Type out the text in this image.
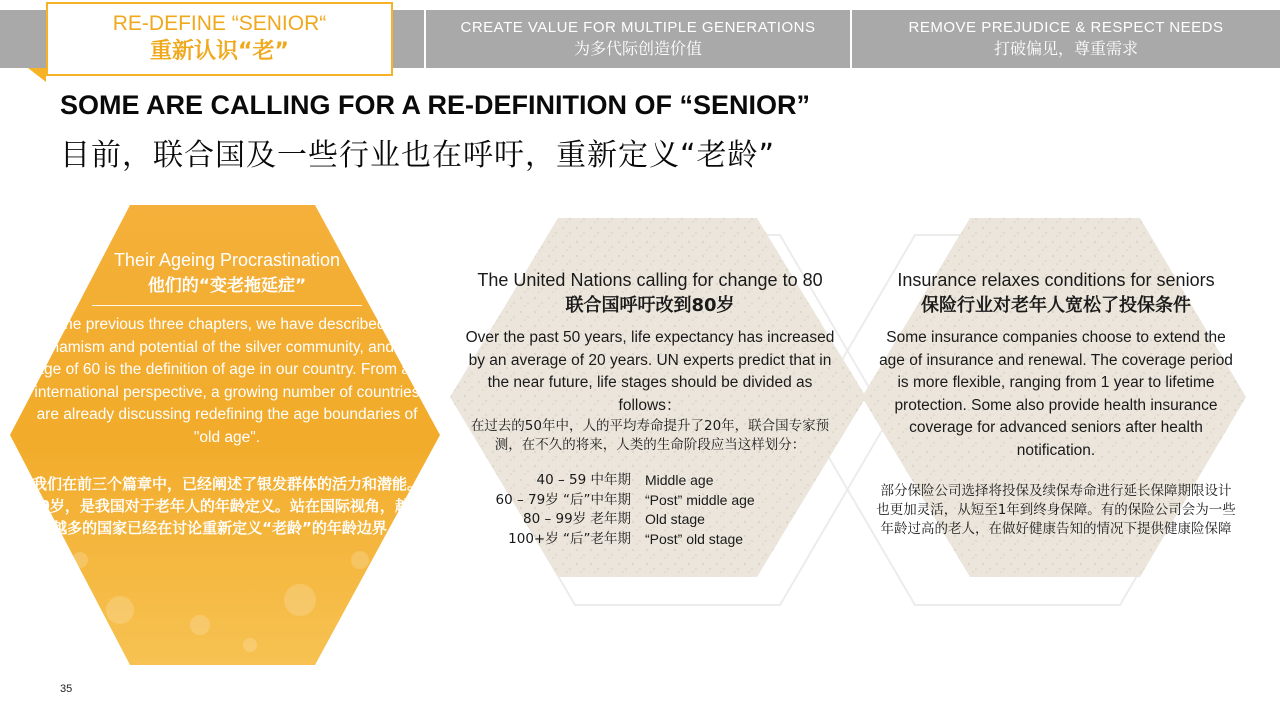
CREATE VALUE FOR MULTIPLE GENERATIONS
为多代际创造价值
REMOVE PREJUDICE & RESPECT NEEDS
打破偏见，尊重需求
RE-DEFINE “SENIOR“
重新认识“老”
SOME ARE CALLING FOR A RE-DEFINITION OF “SENIOR”
目前，联合国及一些行业也在呼吁，重新定义“老龄”
Their Ageing Procrastination
他们的“变老拖延症”
In the previous three chapters, we have described the dynamism and potential of the silver community, and the age of 60 is the definition of age in our country. From an international perspective, a growing number of countries are already discussing redefining the age boundaries of "old age".
我们在前三个篇章中，已经阐述了银发群体的活力和潜能。60岁，是我国对于老年人的年龄定义。站在国际视角，越来越多的国家已经在讨论重新定义“老龄”的年龄边界。
The United Nations calling for change to 80
联合国呼吁改到80岁
Over the past 50 years, life expectancy has increased by an average of 20 years. UN experts predict that in the near future, life stages should be divided as follows：
在过去的50年中，人的平均寿命提升了20年，联合国专家预测，在不久的将来，人类的生命阶段应当这样划分：
40 – 59 中年期	Middle age
60 – 79岁 “后”中年期	“Post” middle age
80 – 99岁 老年期	Old stage
100+岁 “后”老年期	“Post” old stage
Insurance relaxes conditions for seniors
保险行业对老年人宽松了投保条件
Some insurance companies choose to extend the age of insurance and renewal. The coverage period is more flexible, ranging from 1 year to lifetime protection. Some also provide health insurance coverage for advanced seniors after health notification.
部分保险公司选择将投保及续保寿命进行延长保障期限设计也更加灵活，从短至1年到终身保障。有的保险公司会为一些年龄过高的老人，在做好健康告知的情况下提供健康险保障
35
